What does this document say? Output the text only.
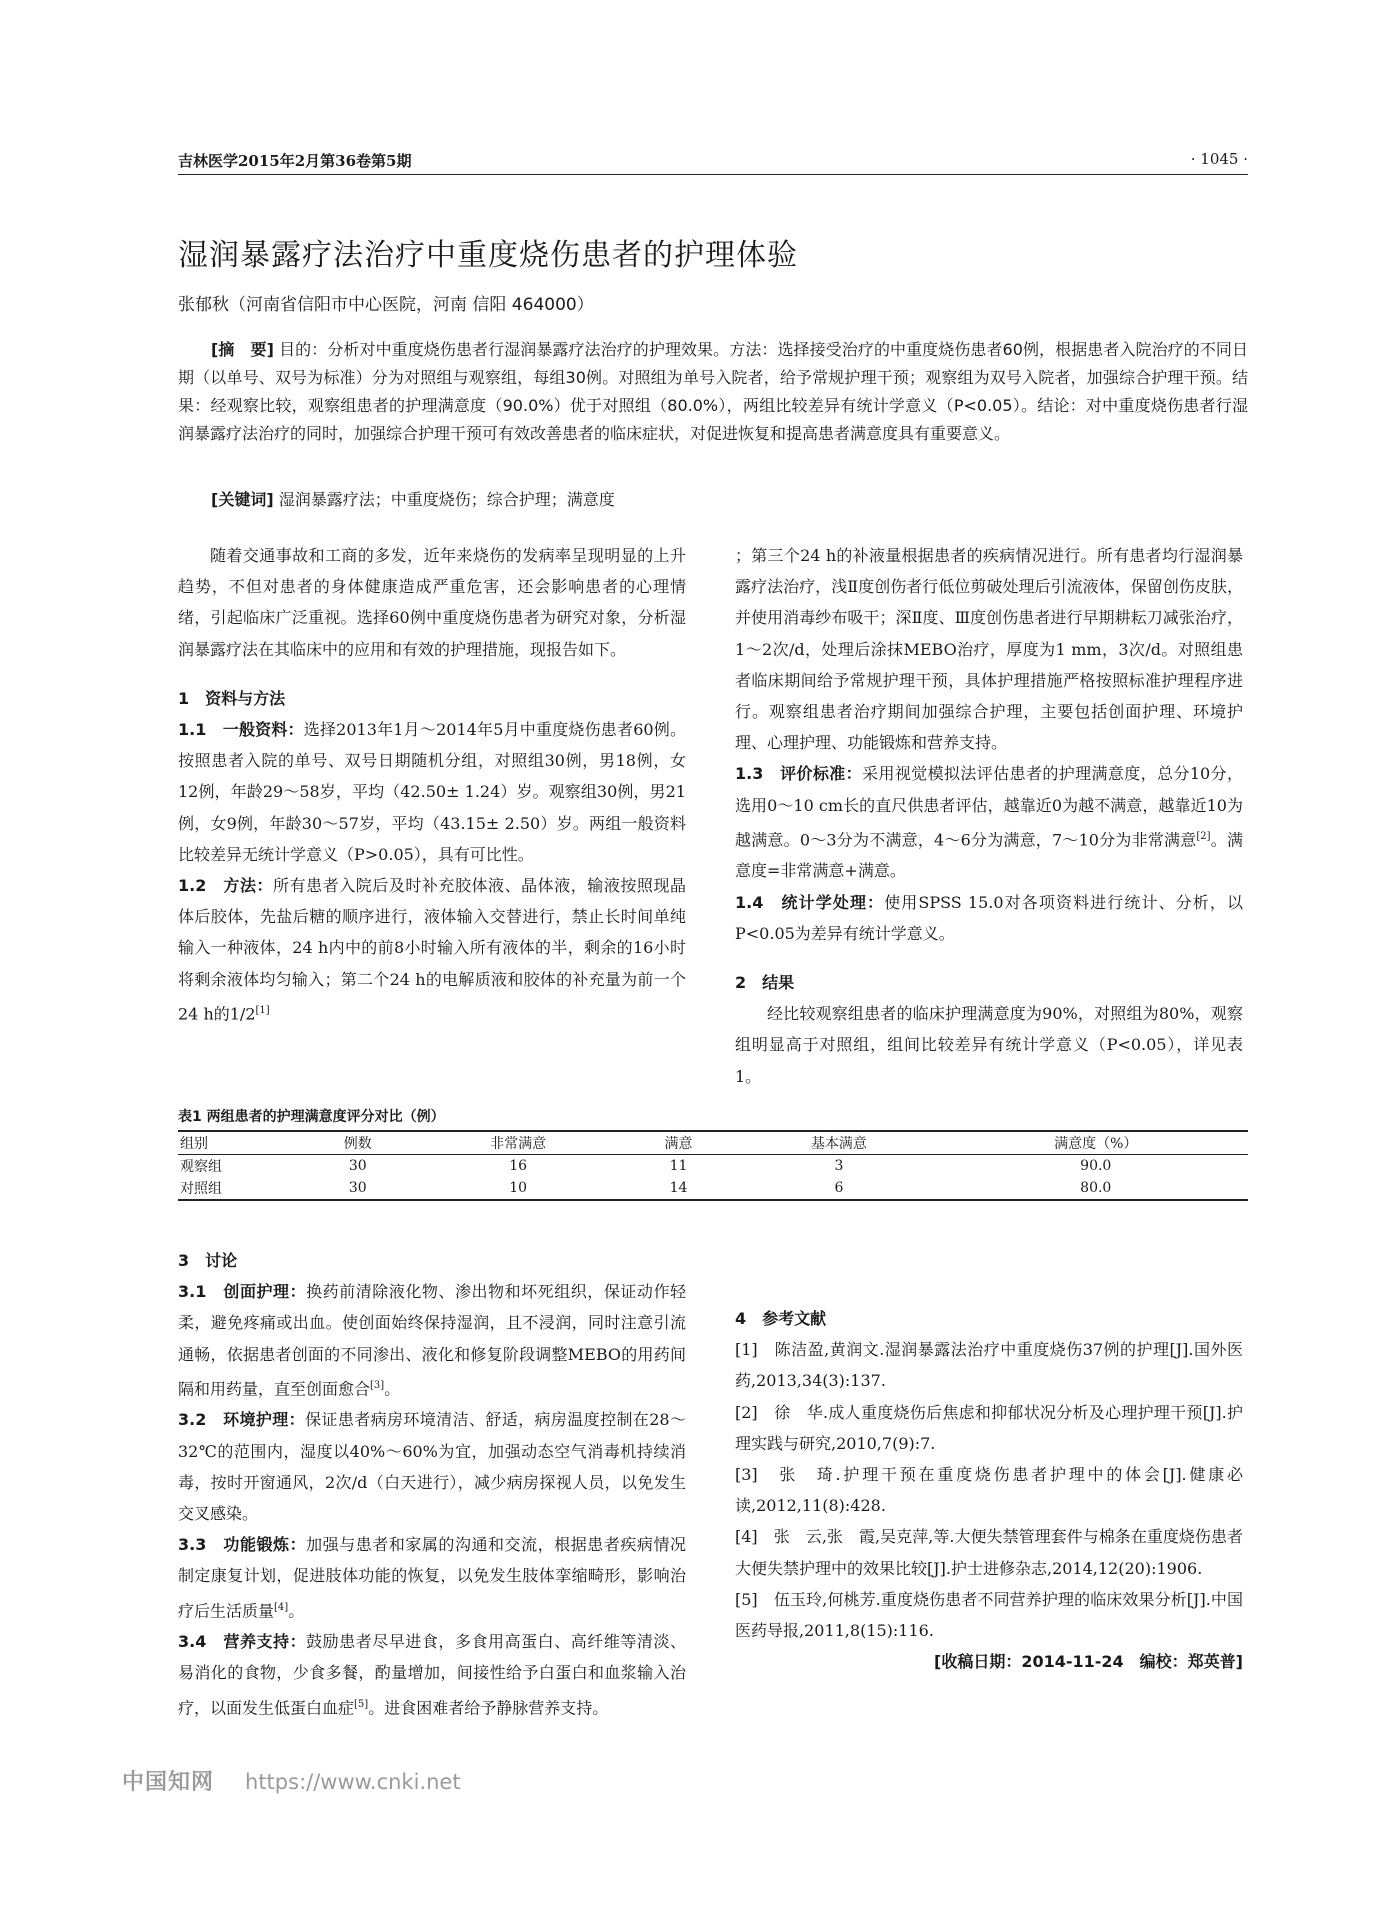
吉林医学2015年2月第36卷第5期	· 1045 ·
湿润暴露疗法治疗中重度烧伤患者的护理体验
张郁秋（河南省信阳市中心医院，河南 信阳 464000）
[摘　要] 目的：分析对中重度烧伤患者行湿润暴露疗法治疗的护理效果。方法：选择接受治疗的中重度烧伤患者60例，根据患者入院治疗的不同日期（以单号、双号为标准）分为对照组与观察组，每组30例。对照组为单号入院者，给予常规护理干预；观察组为双号入院者，加强综合护理干预。结果：经观察比较，观察组患者的护理满意度（90.0%）优于对照组（80.0%），两组比较差异有统计学意义（P<0.05）。结论：对中重度烧伤患者行湿润暴露疗法治疗的同时，加强综合护理干预可有效改善患者的临床症状，对促进恢复和提高患者满意度具有重要意义。
[关键词] 湿润暴露疗法；中重度烧伤；综合护理；满意度

随着交通事故和工商的多发，近年来烧伤的发病率呈现明显的上升趋势，不但对患者的身体健康造成严重危害，还会影响患者的心理情绪，引起临床广泛重视。选择60例中重度烧伤患者为研究对象，分析湿润暴露疗法在其临床中的应用和有效的护理措施，现报告如下。

1　资料与方法

1.1　一般资料：选择2013年1月～2014年5月中重度烧伤患者60例。按照患者入院的单号、双号日期随机分组，对照组30例，男18例，女12例，年龄29～58岁，平均（42.50± 1.24）岁。观察组30例，男21例，女9例，年龄30～57岁，平均（43.15± 2.50）岁。两组一般资料比较差异无统计学意义（P>0.05），具有可比性。

1.2　方法：所有患者入院后及时补充胶体液、晶体液，输液按照现晶体后胶体，先盐后糖的顺序进行，液体输入交替进行，禁止长时间单纯输入一种液体，24 h内中的前8小时输入所有液体的半，剩余的16小时将剩余液体均匀输入；第二个24 h的电解质液和胶体的补充量为前一个24 h的1/2[1]

；第三个24 h的补液量根据患者的疾病情况进行。所有患者均行湿润暴露疗法治疗，浅Ⅱ度创伤者行低位剪破处理后引流液体，保留创伤皮肤，并使用消毒纱布吸干；深Ⅱ度、Ⅲ度创伤患者进行早期耕耘刀减张治疗，1～2次/d，处理后涂抹MEBO治疗，厚度为1 mm，3次/d。对照组患者临床期间给予常规护理干预，具体护理措施严格按照标准护理程序进行。观察组患者治疗期间加强综合护理，主要包括创面护理、环境护理、心理护理、功能锻炼和营养支持。

1.3　评价标准：采用视觉模拟法评估患者的护理满意度，总分10分，选用0～10 cm长的直尺供患者评估，越靠近0为越不满意，越靠近10为越满意。0～3分为不满意，4～6分为满意，7～10分为非常满意[2]。满意度=非常满意+满意。

1.4　统计学处理：使用SPSS 15.0对各项资料进行统计、分析，以P<0.05为差异有统计学意义。

2　结果

经比较观察组患者的临床护理满意度为90%，对照组为80%，观察组明显高于对照组，组间比较差异有统计学意义（P<0.05），详见表1。

表1 两组患者的护理满意度评分对比（例）
组别	例数	非常满意	满意	基本满意	满意度（%）
观察组	30	16	11	3	90.0
对照组	30	10	14	6	80.0

3　讨论

3.1　创面护理：换药前清除液化物、渗出物和坏死组织，保证动作轻柔，避免疼痛或出血。使创面始终保持湿润，且不浸润，同时注意引流通畅，依据患者创面的不同渗出、液化和修复阶段调整MEBO的用药间隔和用药量，直至创面愈合[3]。

3.2　环境护理：保证患者病房环境清洁、舒适，病房温度控制在28～32℃的范围内，湿度以40%～60%为宜，加强动态空气消毒机持续消毒，按时开窗通风，2次/d（白天进行），减少病房探视人员，以免发生交叉感染。

3.3　功能锻炼：加强与患者和家属的沟通和交流，根据患者疾病情况制定康复计划，促进肢体功能的恢复，以免发生肢体挛缩畸形，影响治疗后生活质量[4]。

3.4　营养支持：鼓励患者尽早进食，多食用高蛋白、高纤维等清淡、易消化的食物，少食多餐，酌量增加，间接性给予白蛋白和血浆输入治疗，以面发生低蛋白血症[5]。进食困难者给予静脉营养支持。

4　参考文献

[1]　陈洁盈,黄润文.湿润暴露法治疗中重度烧伤37例的护理[J].国外医药,2013,34(3):137.

[2]　徐　华.成人重度烧伤后焦虑和抑郁状况分析及心理护理干预[J].护理实践与研究,2010,7(9):7.

[3]　张　琦.护理干预在重度烧伤患者护理中的体会[J].健康必读,2012,11(8):428.

[4]　张　云,张　霞,吴克萍,等.大便失禁管理套件与棉条在重度烧伤患者大便失禁护理中的效果比较[J].护士进修杂志,2014,12(20):1906.

[5]　伍玉玲,何桃芳.重度烧伤患者不同营养护理的临床效果分析[J].中国医药导报,2011,8(15):116.

[收稿日期：2014-11-24　编校：郑英普]

中国知网 https://www.cnki.net
